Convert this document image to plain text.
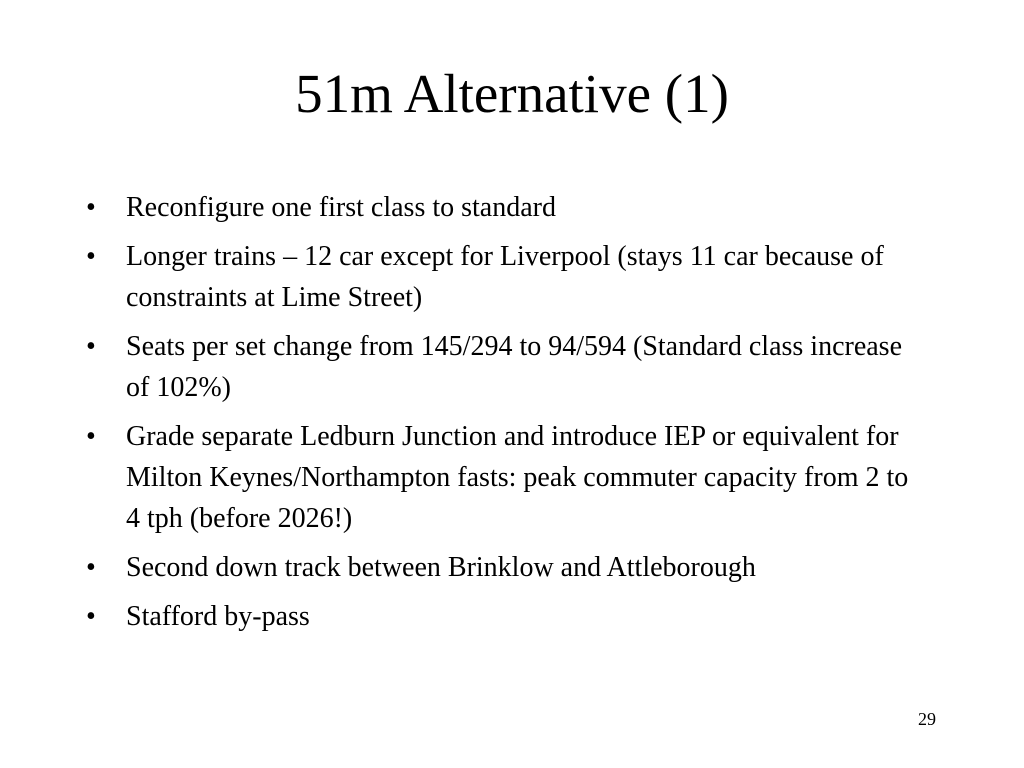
51m Alternative (1)
•	Reconfigure one first class to standard
•	Longer trains – 12 car except for Liverpool (stays 11 car because of constraints at Lime Street)
•	Seats per set change from 145/294 to 94/594 (Standard class increase of 102%)
•	Grade separate Ledburn Junction and introduce IEP or equivalent for Milton Keynes/Northampton fasts: peak commuter capacity from 2 to 4 tph (before 2026!)
•	Second down track between Brinklow and Attleborough
•	Stafford by-pass
29
